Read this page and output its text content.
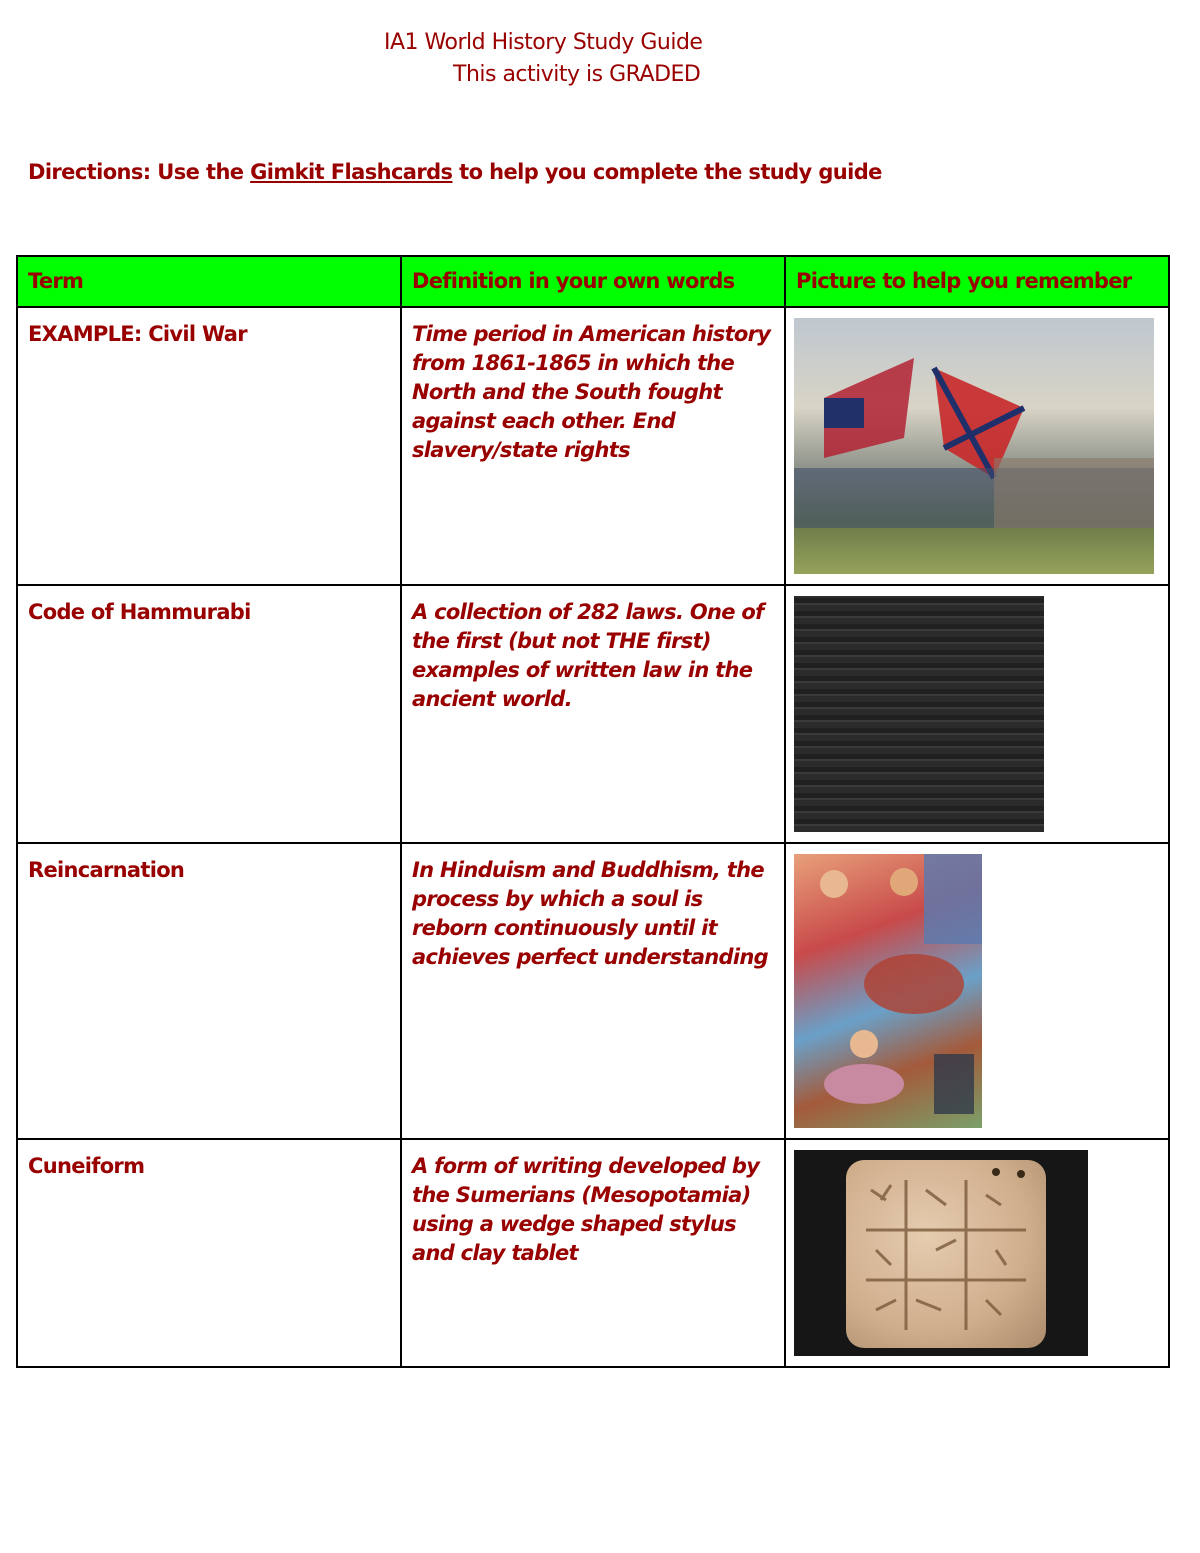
IA1 World History Study Guide
This activity is GRADED
Directions: Use the Gimkit Flashcards to help you complete the study guide
Term	Definition in your own words	Picture to help you remember
EXAMPLE: Civil War	Time period in American history from 1861-1865 in which the North and the South fought against each other. End slavery/state rights	

Code of Hammurabi	A collection of 282 laws. One of the first (but not THE first) examples of written law in the ancient world.	

Reincarnation	In Hinduism and Buddhism, the process by which a soul is reborn continuously until it achieves perfect understanding	

Cuneiform	A form of writing developed by the Sumerians (Mesopotamia) using a wedge shaped stylus and clay tablet	
